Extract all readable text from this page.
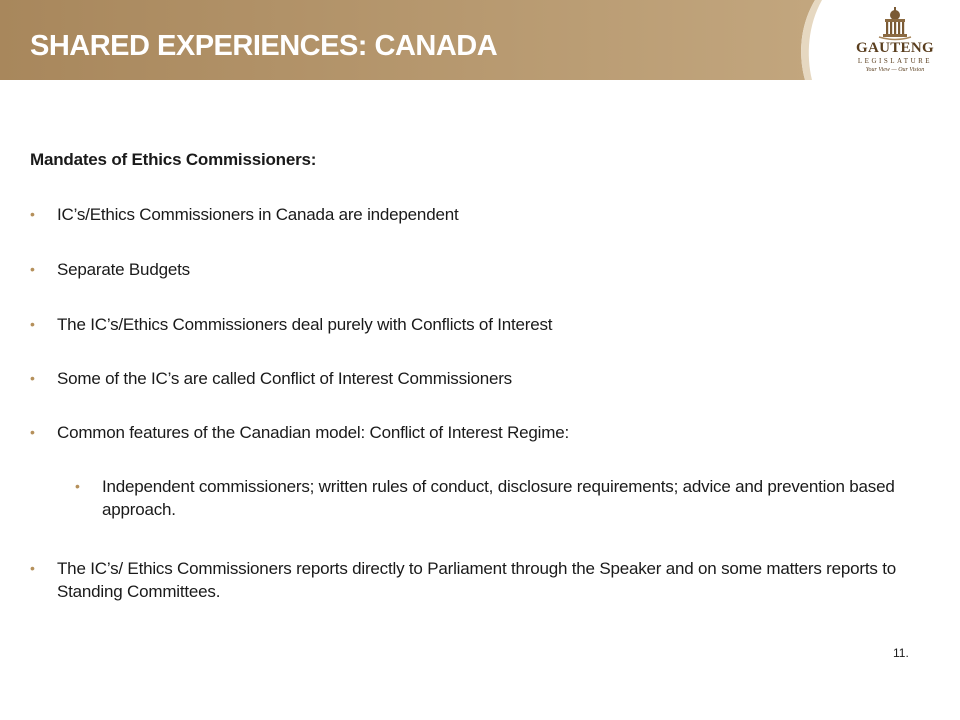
SHARED EXPERIENCES: CANADA	GAUTENG
LEGISLATURE
Your View — Our Vision
Mandates of Ethics Commissioners:
• IC’s/Ethics Commissioners in Canada are independent
• Separate Budgets
• The IC’s/Ethics Commissioners deal purely with Conflicts of Interest
• Some of the IC’s are called Conflict of Interest Commissioners
• Common features of the Canadian model: Conflict of Interest Regime:
• Independent commissioners; written rules of conduct, disclosure requirements; advice and prevention based approach.
• The IC’s/ Ethics Commissioners reports directly to Parliament through the Speaker and on some matters reports to Standing Committees.
11.
